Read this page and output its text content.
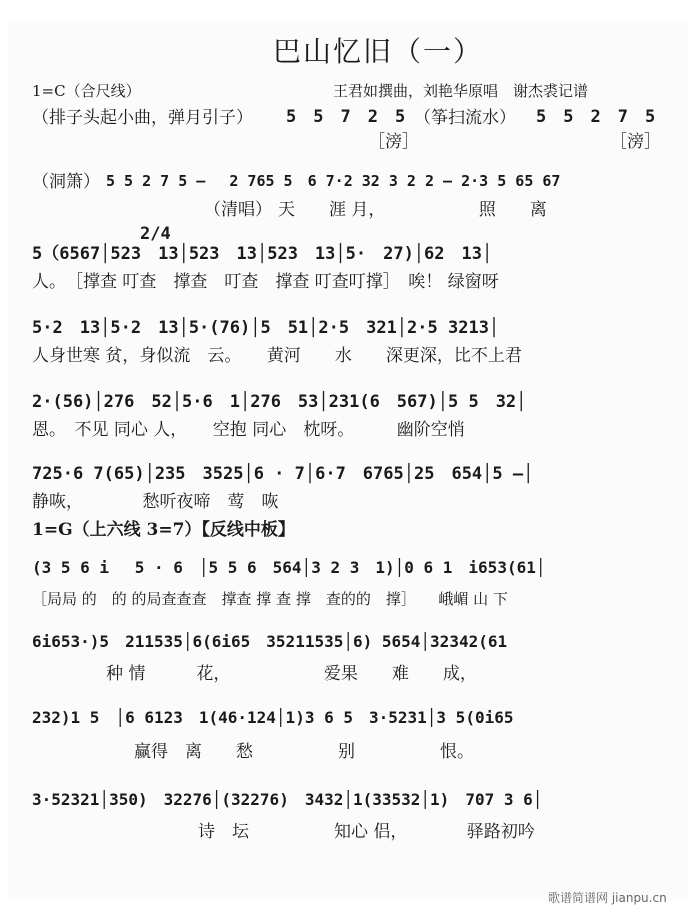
巴山忆旧（一）
1=C（合尺线）	王君如撰曲，刘艳华原唱　谢杰裘记谱
（排子头起小曲，弹月引子） 5　5　7　2　5 （筝扫流水） 5　5　2　7　5
［滂］	［滂］
（洞箫） 5 5 2 7 5 –　 2 765 5　6 7·2 32 3 2 2 – 2·3 5 65 67
（清唱） 天　　涯 月，　　　　　　照　　离
2/4
5（6567│523　13│523　13│523　13│5·　27)│62　13│
人。　［撑查 叮查　撑查　叮查　撑查 叮查叮撑］　唉！ 绿窗呀
5·2　13│5·2　13│5·(76)│5　51│2·5　321│2·5 3213│
人身世寒 贫，身似流　云。　　黄河　　水　　深更深，比不上君
2·(56)│276　52│5·6　1│276　53│231(6　567)│5 5　32│
恩。　不见 同心 人，　　空抱 同心　枕呀。　　　幽阶空悄
725·6 7(65)│235　3525│6 · 7│6·7　6765│25　654│5 –│
静咴，　　　　愁听夜啼　莺　咴
1=G（上六线 3=7）【反线中板】
(3 5 6 i 　5 · 6　│5 5 6　564│3 2 3　1)│0 6 1　i653(61│
［局局 的　的 的局查查查　撑查 撑 查 撑　查的的　撑］　　峨嵋 山 下
6i653·)5　211535│6(6i65　35211535│6) 5654│32342(61
种 情　　　花，　　　　　　爱果　　难　　成，
232)1 5　│6 6123　1(46·124│1)3 6 5　3·5231│3 5(0i65
赢得　离　　愁　　　　　别　　　　　恨。
3·52321│350)　32276│(32276)　3432│1(33532│1)　707 3 6│
诗　坛　　　　　知心 侣，　　　　驿路初吟
歌谱简谱网 jianpu.cn
